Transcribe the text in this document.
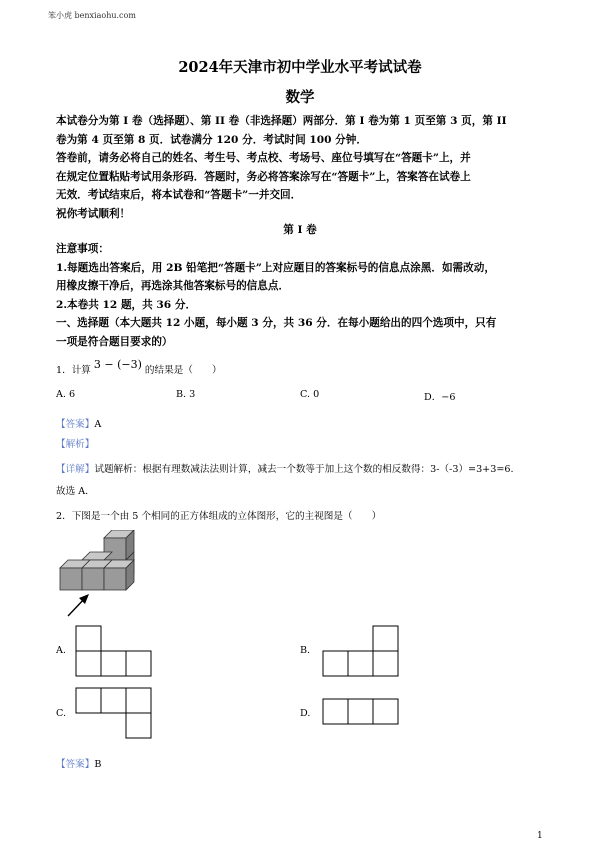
笨小虎 benxiaohu.com
2024年天津市初中学业水平考试试卷
数学

本试卷分为第 I 卷（选择题）、第 II 卷（非选择题）两部分．第 I 卷为第 1 页至第 3 页，第 II

卷为第 4 页至第 8 页．试卷满分 120 分．考试时间 100 分钟．

答卷前，请务必将自己的姓名、考生号、考点校、考场号、座位号填写在“答题卡”上，并

在规定位置粘贴考试用条形码．答题时，务必将答案涂写在“答题卡”上，答案答在试卷上

无效．考试结束后，将本试卷和“答题卡”一并交回．

祝你考试顺利！

第 I 卷

注意事项：

1.每题选出答案后，用 2B 铅笔把“答题卡”上对应题目的答案标号的信息点涂黑．如需改动，

用橡皮擦干净后，再选涂其他答案标号的信息点．

2.本卷共 12 题，共 36 分．

一、选择题（本大题共 12 小题，每小题 3 分，共 36 分．在每小题给出的四个选项中，只有

一项是符合题目要求的）

1．计算 3 − (−3) 的结果是（　　）
A. 6	B. 3	C. 0	D．−6
【答案】A
【解析】
【详解】试题解析：根据有理数减法法则计算，减去一个数等于加上这个数的相反数得：3-（-3）=3+3=6.
故选 A.
2．下图是一个由 5 个相同的正方体组成的立体图形，它的主视图是（　　）
A.	B.
C.	D.
【答案】B
1
